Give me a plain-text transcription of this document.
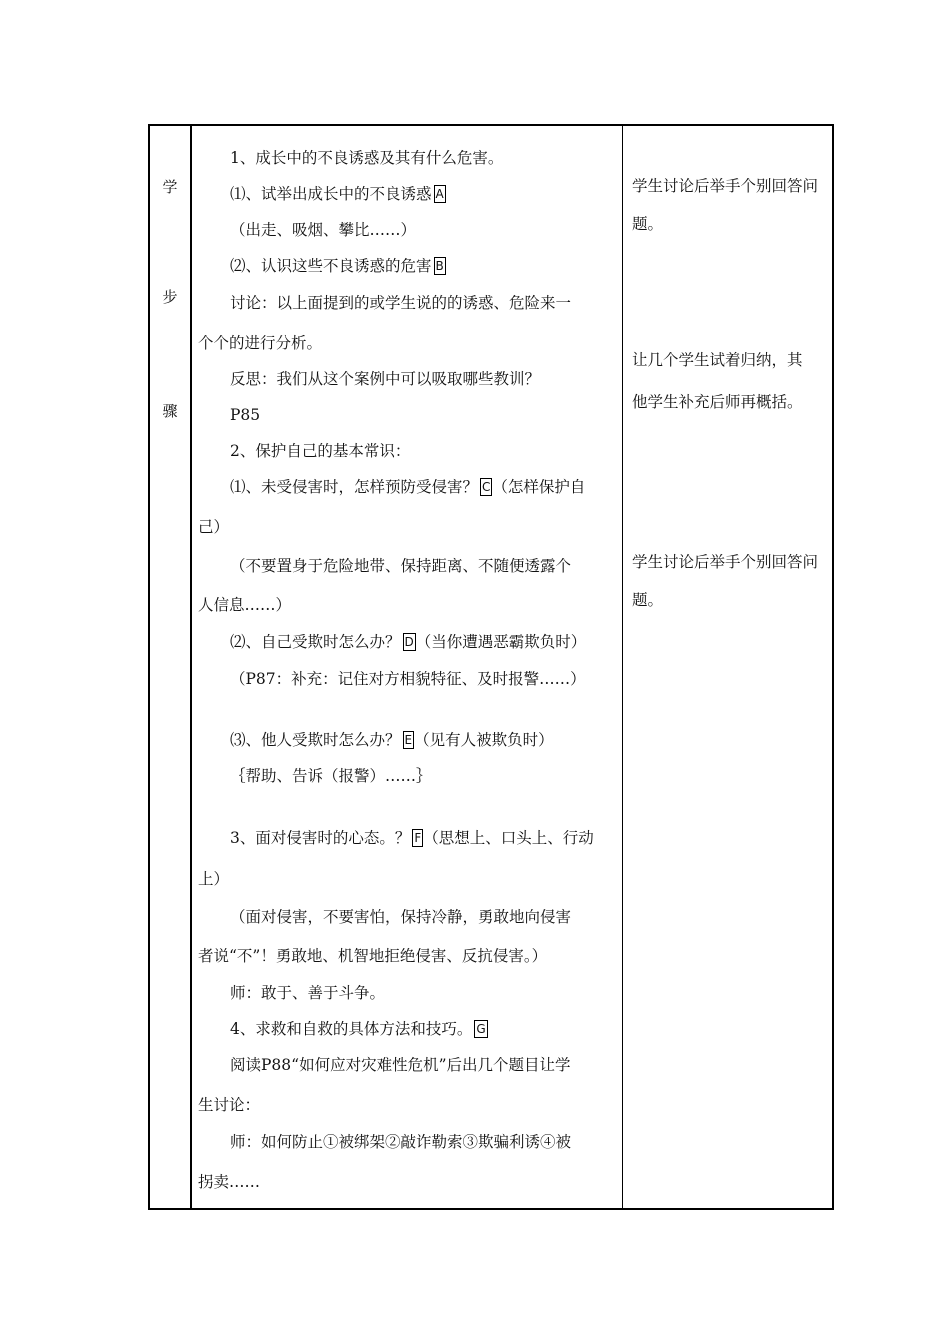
学
步
骤
1、成长中的不良诱惑及其有什么危害。
⑴、试举出成长中的不良诱惑 A
（出走、吸烟、攀比……）
⑵、认识这些不良诱惑的危害 B
讨论：以上面提到的或学生说的的诱惑、危险来一
个个的进行分析。
反思：我们从这个案例中可以吸取哪些教训？
P85
2、保护自己的基本常识：
⑴、未受侵害时，怎样预防受侵害？ C （怎样保护自
己）
（不要置身于危险地带、保持距离、不随便透露个
人信息……）
⑵、自己受欺时怎么办？ D （当你遭遇恶霸欺负时）
（P87：补充：记住对方相貌特征、及时报警……）
⑶、他人受欺时怎么办？ E （见有人被欺负时）
｛帮助、告诉（报警）……｝
3、面对侵害时的心态。？ F （思想上、口头上、行动
上）
（面对侵害，不要害怕，保持冷静，勇敢地向侵害
者说“不”！勇敢地、机智地拒绝侵害、反抗侵害。）
师：敢于、善于斗争。
4、求救和自救的具体方法和技巧。 G
阅读P88“如何应对灾难性危机”后出几个题目让学
生讨论：
师：如何防止①被绑架②敲诈勒索③欺骗利诱④被
拐卖……
学生讨论后举手个别回答问
题。
让几个学生试着归纳，其
他学生补充后师再概括。
学生讨论后举手个别回答问
题。
